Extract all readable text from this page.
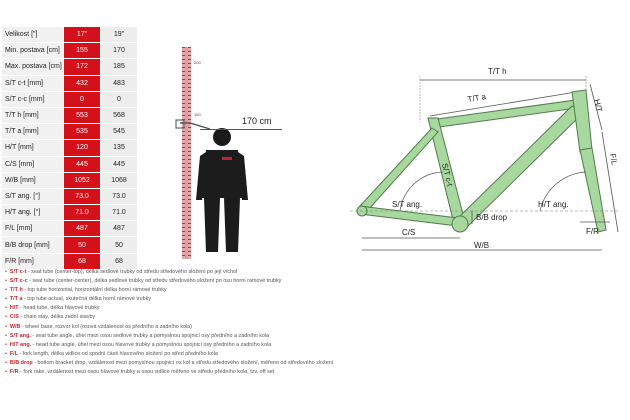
Velikost ["]	17"	19"
Min. postava [cm]	155	170
Max. postava [cm]	172	185
S/T c-t [mm]	432	483
S/T c-c [mm]	0	0
T/T h [mm]	553	568
T/T a [mm]	535	545
H/T [mm]	120	135
C/S [mm]	445	445
W/B [mm]	1052	1068
S/T ang. [°]	73.0	73.0
H/T ang. [°]	71.0	71.0
F/L [mm]	487	487
B/B drop [mm]	50	50
F/R [mm]	68	68
200
150
170 cm
T/T h
T/T a
H/T
S/T c-t
F/L
S/T ang.	H/T ang.
B/B drop
C/S
W/B
F/R
• S/T c-t - seat tube (center-top), délka sedlové trubky od středu středového složení po její vrchol
• S/T c-c - seat tube (center-center), délka sedlové trubky od středu středového složení po osu horní rámové trubky
• T/T h - top tube horizontal, horizontální délka horní rámové trubky
• T/T a - top tube actual, skutečná délka horní rámové trubky
• H/T - head tube, délka hlavové trubky
• C/S - chain stay, délka zadní stavby
• W/B - wheel base, rozvor kol (osová vzdálenost os předního a zadního kola)
• S/T ang. - seat tube angle, úhel mezi osou sedlové trubky a pomyslnou spojnicí osy předního a zadního kola
• H/T ang. - head tube angle, úhel mezi osou hlavové trubky a pomyslnou spojnicí osy předního a zadního kola
• F/L - fork length, délka vidlice od spodní části hlavového složení po střed předního kola
• B/B drop - bottom bracket drop, vzdálenost mezi pomyslnou spojnicí os kol a středu středového složení, měřeno od středového složení
• F/R - fork rake, vzdálenost mezi osou hlavové trubky a osou vidlice měřeno ve středu předního kola, tzv. off set
